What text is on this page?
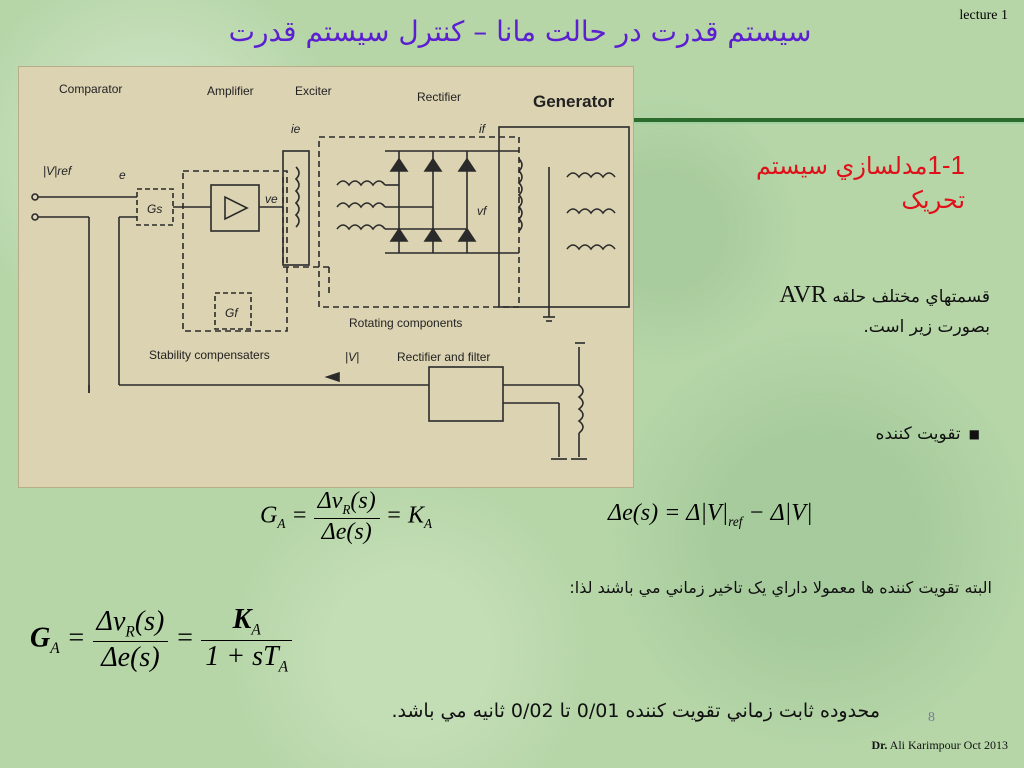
سيستم قدرت در حالت مانا – کنترل سيستم قدرت	lecture 1
Comparator	Amplifier	Exciter	Rectifier	Generator
|V|ref	e
ie	if
Gs
Gf
ve
vf
Rotating components
Stability compensaters	|V|	Rectifier and filter
1-1مدلسازي سيستم تحريک
قسمتهاي مختلف حلقه AVR
بصورت زير است.
■تقويت کننده
$G_A = \frac{\Delta v_R(s)}{\Delta e(s)} = K_A$	$\Delta e(s) = \Delta|V|_{ref} - \Delta|V|$
البته تقويت کننده ها معمولا داراي يک تاخير زماني مي باشند لذا:
$G_A = \frac{\Delta v_R(s)}{\Delta e(s)} = \frac{K_A}{1 + sT_A}$
محدوده ثابت زماني تقويت کننده 0/01 تا 0/02 ثانيه مي باشد.	8
Dr. Ali Karimpour Oct 2013
